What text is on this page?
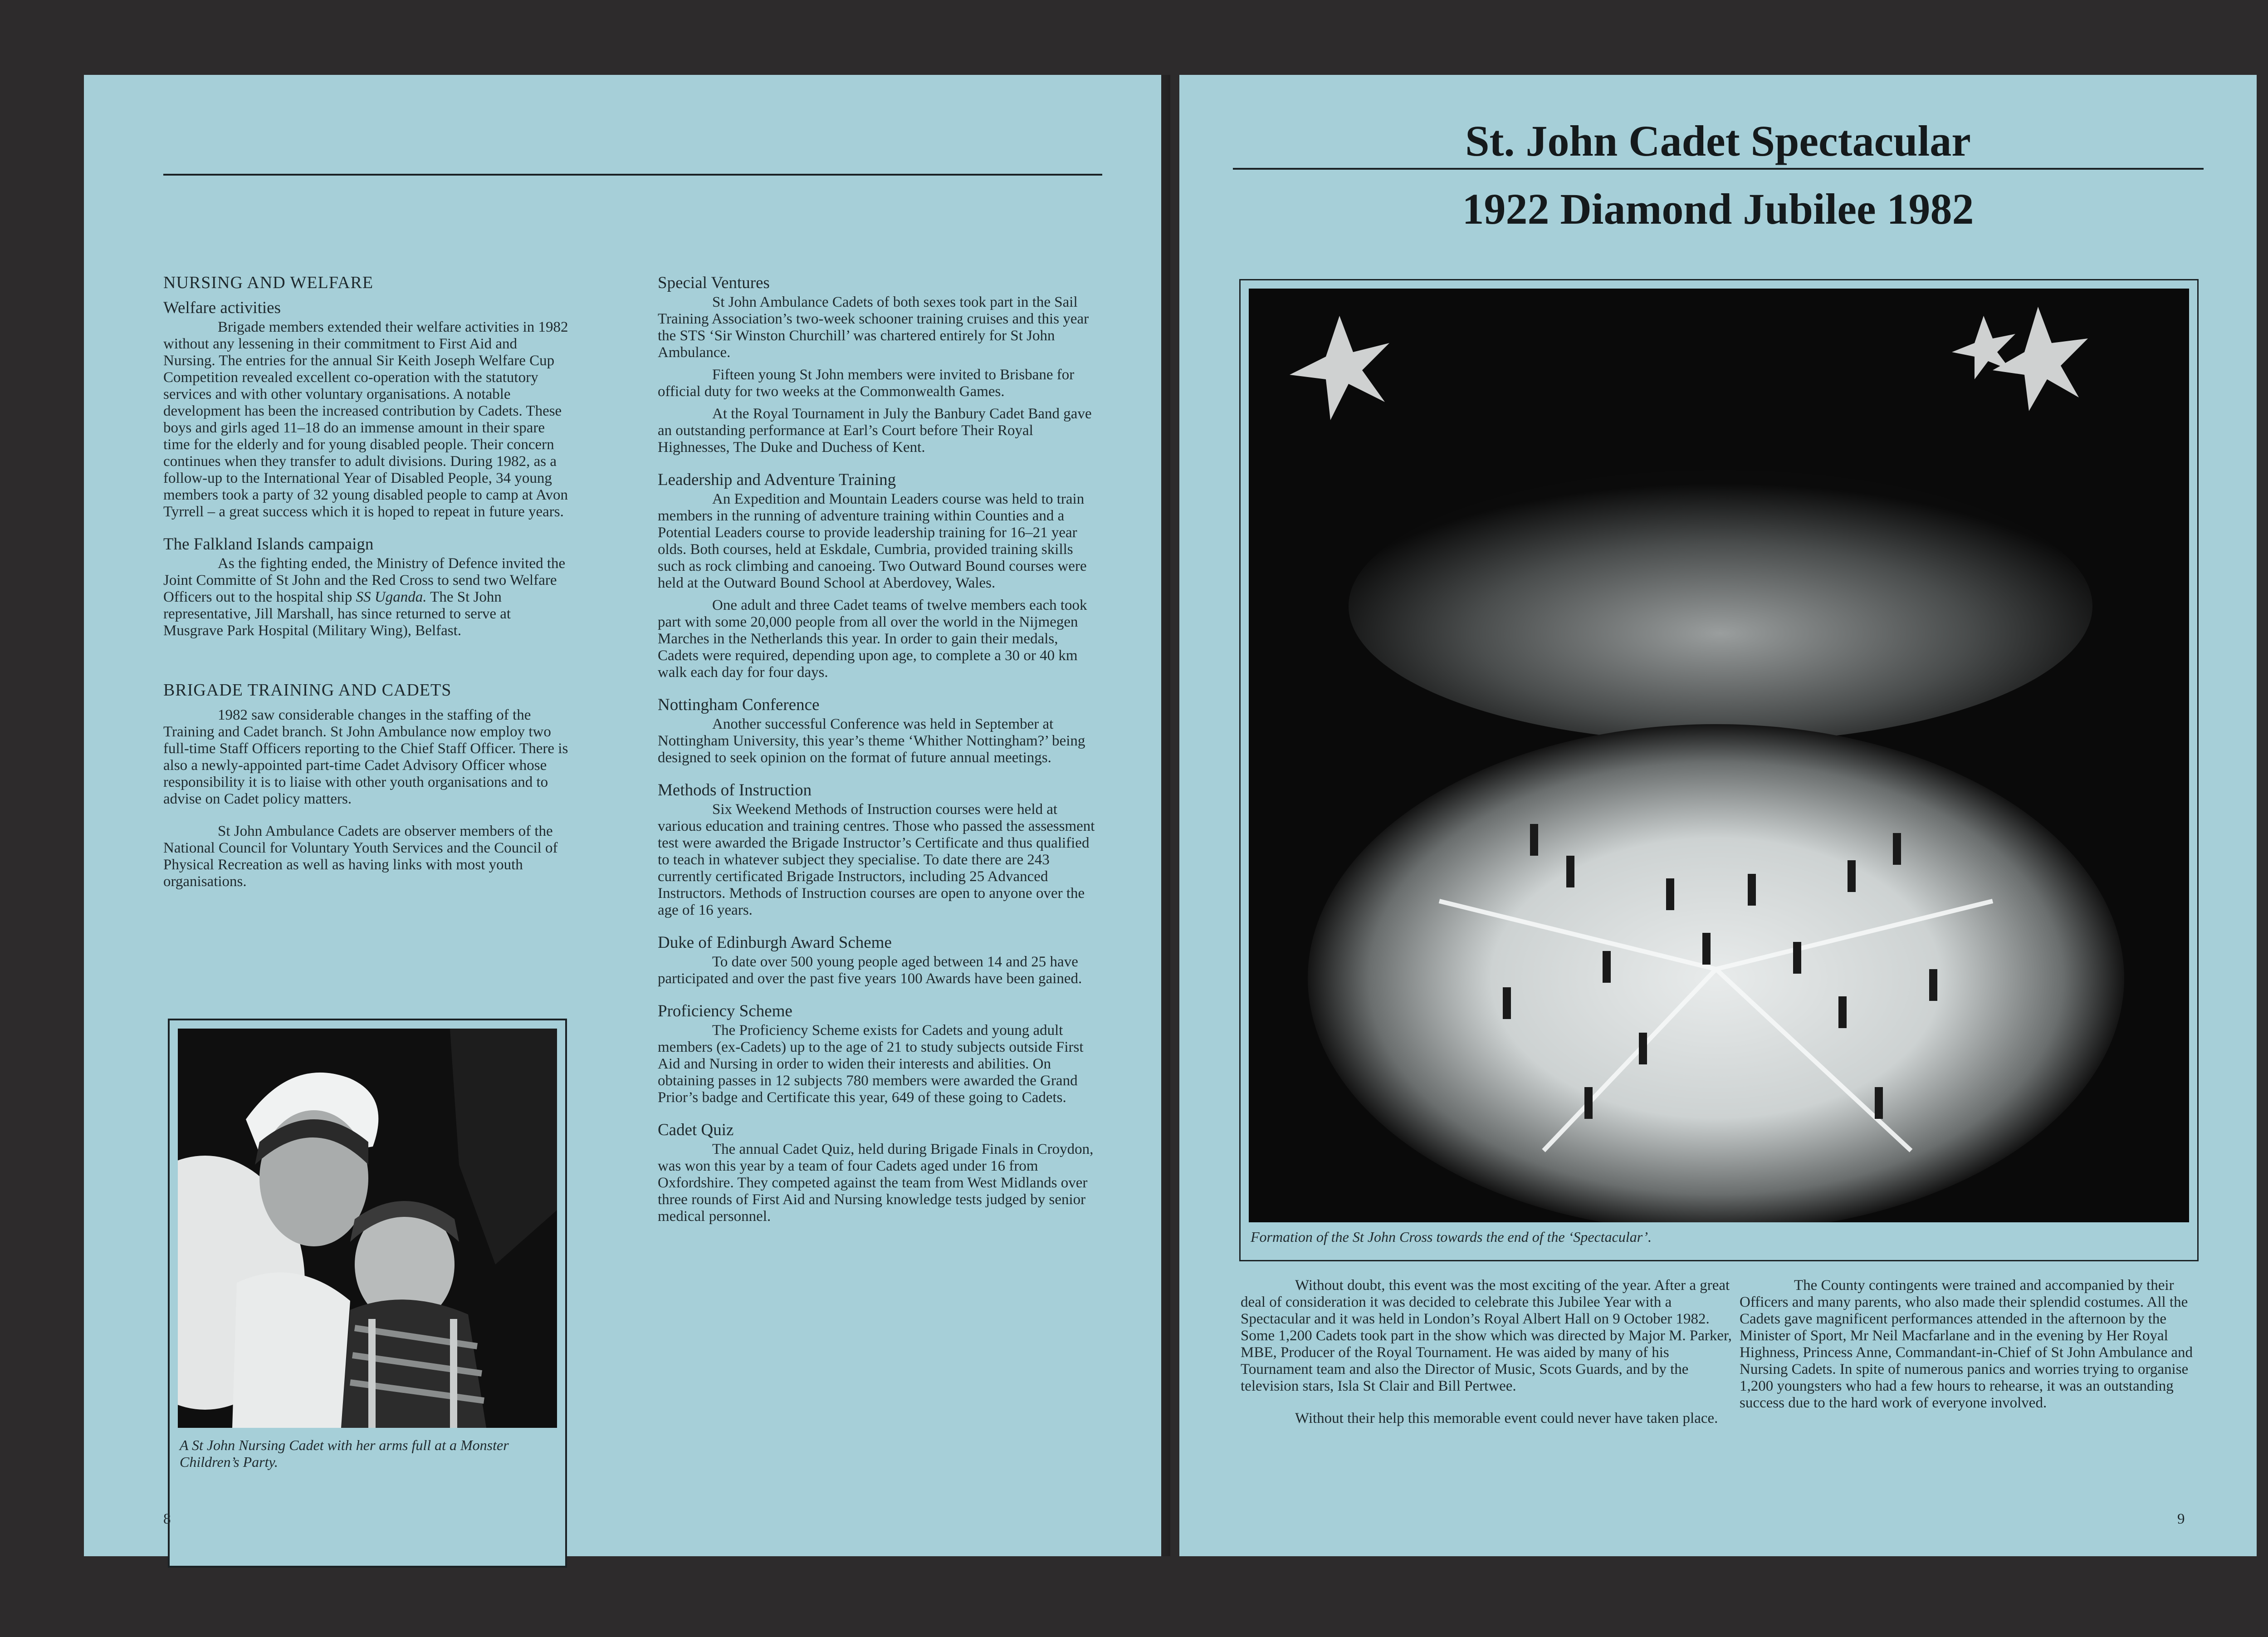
NURSING AND WELFARE
Welfare activities

Brigade members extended their welfare activities in 1982 without any lessening in their commitment to First Aid and Nursing. The entries for the annual Sir Keith Joseph Welfare Cup Competition revealed excellent co-operation with the statutory services and with other voluntary organisations. A notable development has been the increased contribution by Cadets. These boys and girls aged 11–18 do an immense amount in their spare time for the elderly and for young disabled people. Their concern continues when they transfer to adult divisions. During 1982, as a follow-up to the International Year of Disabled People, 34 young members took a party of 32 young disabled people to camp at Avon Tyrrell – a great success which it is hoped to repeat in future years.

The Falkland Islands campaign

As the fighting ended, the Ministry of Defence invited the Joint Committe of St John and the Red Cross to send two Welfare Officers out to the hospital ship SS Uganda. The St John representative, Jill Marshall, has since returned to serve at Musgrave Park Hospital (Military Wing), Belfast.

BRIGADE TRAINING AND CADETS

1982 saw considerable changes in the staffing of the Training and Cadet branch. St John Ambulance now employ two full-time Staff Officers reporting to the Chief Staff Officer. There is also a newly-appointed part-time Cadet Advisory Officer whose responsibility it is to liaise with other youth organisations and to advise on Cadet policy matters.

St John Ambulance Cadets are observer members of the National Council for Voluntary Youth Services and the Council of Physical Recreation as well as having links with most youth organisations.

Special Ventures

St John Ambulance Cadets of both sexes took part in the Sail Training Association’s two-week schooner training cruises and this year the STS ‘Sir Winston Churchill’ was chartered entirely for St John Ambulance.

Fifteen young St John members were invited to Brisbane for official duty for two weeks at the Commonwealth Games.

At the Royal Tournament in July the Banbury Cadet Band gave an outstanding performance at Earl’s Court before Their Royal Highnesses, The Duke and Duchess of Kent.

Leadership and Adventure Training

An Expedition and Mountain Leaders course was held to train members in the running of adventure training within Counties and a Potential Leaders course to provide leadership training for 16–21 year olds. Both courses, held at Eskdale, Cumbria, provided training skills such as rock climbing and canoeing. Two Outward Bound courses were held at the Outward Bound School at Aberdovey, Wales.

One adult and three Cadet teams of twelve members each took part with some 20,000 people from all over the world in the Nijmegen Marches in the Netherlands this year. In order to gain their medals, Cadets were required, depending upon age, to complete a 30 or 40 km walk each day for four days.

Nottingham Conference

Another successful Conference was held in September at Nottingham University, this year’s theme ‘Whither Nottingham?’ being designed to seek opinion on the format of future annual meetings.

Methods of Instruction

Six Weekend Methods of Instruction courses were held at various education and training centres. Those who passed the assessment test were awarded the Brigade Instructor’s Certificate and thus qualified to teach in whatever subject they specialise. To date there are 243 currently certificated Brigade Instructors, including 25 Advanced Instructors. Methods of Instruction courses are open to anyone over the age of 16 years.

Duke of Edinburgh Award Scheme

To date over 500 young people aged between 14 and 25 have participated and over the past five years 100 Awards have been gained.

Proficiency Scheme

The Proficiency Scheme exists for Cadets and young adult members (ex-Cadets) up to the age of 21 to study subjects outside First Aid and Nursing in order to widen their interests and abilities. On obtaining passes in 12 subjects 780 members were awarded the Grand Prior’s badge and Certificate this year, 649 of these going to Cadets.

Cadet Quiz

The annual Cadet Quiz, held during Brigade Finals in Croydon, was won this year by a team of four Cadets aged under 16 from Oxfordshire. They competed against the team from West Midlands over three rounds of First Aid and Nursing knowledge tests judged by senior medical personnel.

A St John Nursing Cadet with her arms full at a Monster Children’s Party.
8
St. John Cadet Spectacular
1922 Diamond Jubilee 1982
Formation of the St John Cross towards the end of the ‘Spectacular’.

Without doubt, this event was the most exciting of the year. After a great deal of consideration it was decided to celebrate this Jubilee Year with a Spectacular and it was held in London’s Royal Albert Hall on 9 October 1982. Some 1,200 Cadets took part in the show which was directed by Major M. Parker, MBE, Producer of the Royal Tournament. He was aided by many of his Tournament team and also the Director of Music, Scots Guards, and by the television stars, Isla St Clair and Bill Pertwee.

Without their help this memorable event could never have taken place.

The County contingents were trained and accompanied by their Officers and many parents, who also made their splendid costumes. All the Cadets gave magnificent performances attended in the afternoon by the Minister of Sport, Mr Neil Macfarlane and in the evening by Her Royal Highness, Princess Anne, Commandant-in-Chief of St John Ambulance and Nursing Cadets. In spite of numerous panics and worries trying to organise 1,200 youngsters who had a few hours to rehearse, it was an outstanding success due to the hard work of everyone involved.

9
